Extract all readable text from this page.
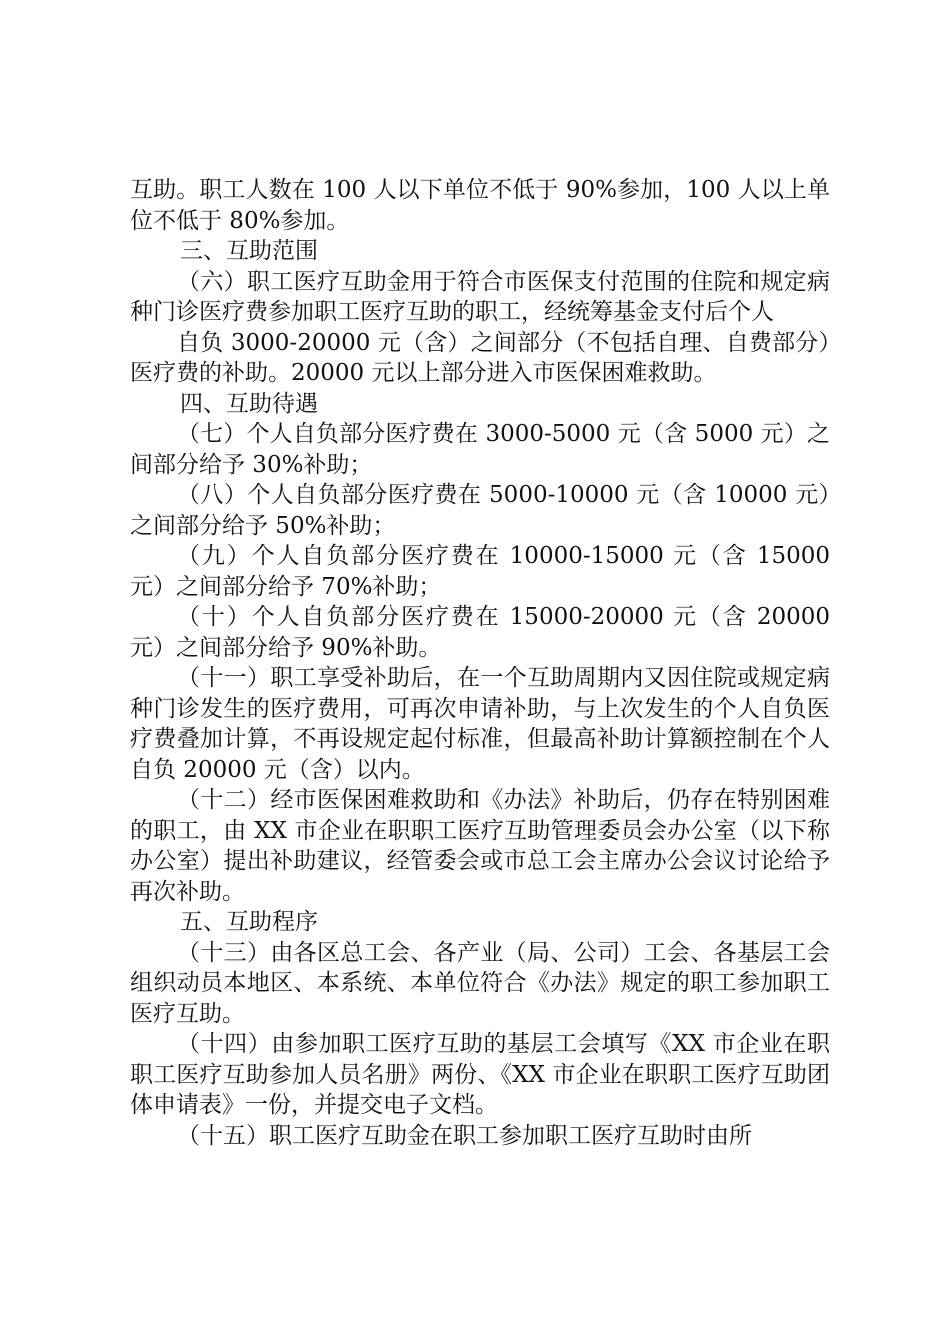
互助。职工人数在 100 人以下单位不低于 90%参加，100 人以上单位不低于 80%参加。

三、互助范围

（六）职工医疗互助金用于符合市医保支付范围的住院和规定病种门诊医疗费参加职工医疗互助的职工，经统筹基金支付后个人

自负 3000-20000 元（含）之间部分（不包括自理、自费部分）医疗费的补助。20000 元以上部分进入市医保困难救助。

四、互助待遇

（七）个人自负部分医疗费在 3000-5000 元（含 5000 元）之间部分给予 30%补助；

（八）个人自负部分医疗费在 5000-10000 元（含 10000 元）之间部分给予 50%补助；

（九）个人自负部分医疗费在 10000-15000 元（含 15000 元）之间部分给予 70%补助；

（十）个人自负部分医疗费在 15000-20000 元（含 20000 元）之间部分给予 90%补助。

（十一）职工享受补助后，在一个互助周期内又因住院或规定病种门诊发生的医疗费用，可再次申请补助，与上次发生的个人自负医疗费叠加计算，不再设规定起付标准，但最高补助计算额控制在个人自负 20000 元（含）以内。

（十二）经市医保困难救助和《办法》补助后，仍存在特别困难的职工，由 XX 市企业在职职工医疗互助管理委员会办公室（以下称办公室）提出补助建议，经管委会或市总工会主席办公会议讨论给予再次补助。

五、互助程序

（十三）由各区总工会、各产业（局、公司）工会、各基层工会组织动员本地区、本系统、本单位符合《办法》规定的职工参加职工医疗互助。

（十四）由参加职工医疗互助的基层工会填写《XX 市企业在职职工医疗互助参加人员名册》两份、《XX 市企业在职职工医疗互助团体申请表》一份，并提交电子文档。

（十五）职工医疗互助金在职工参加职工医疗互助时由所
